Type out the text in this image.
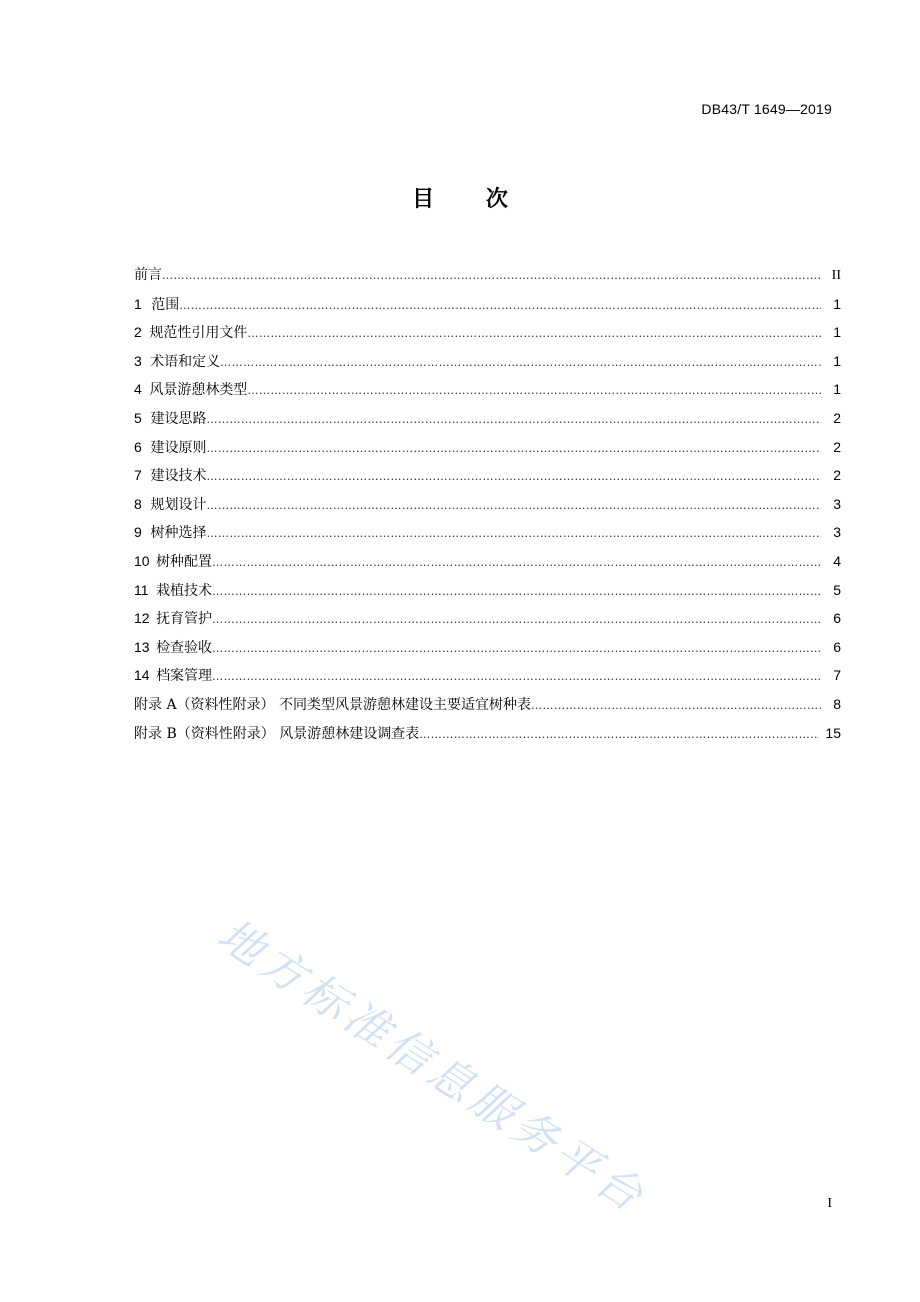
DB43/T 1649—2019
目 次
前言 ………………………………………………………………………………………………………………………………………………………………………………………………………………………………	II
1 范围 ………………………………………………………………………………………………………………………………………………………………………………………………………………………………	1
2 规范性引用文件 ………………………………………………………………………………………………………………………………………………………………………………………………………………………………	1
3 术语和定义 ………………………………………………………………………………………………………………………………………………………………………………………………………………………………	1
4 风景游憩林类型 ………………………………………………………………………………………………………………………………………………………………………………………………………………………………	1
5 建设思路 ………………………………………………………………………………………………………………………………………………………………………………………………………………………………	2
6 建设原则 ………………………………………………………………………………………………………………………………………………………………………………………………………………………………	2
7 建设技术 ………………………………………………………………………………………………………………………………………………………………………………………………………………………………	2
8 规划设计 ………………………………………………………………………………………………………………………………………………………………………………………………………………………………	3
9 树种选择 ………………………………………………………………………………………………………………………………………………………………………………………………………………………………	3
10 树种配置 ………………………………………………………………………………………………………………………………………………………………………………………………………………………………	4
11 栽植技术 ………………………………………………………………………………………………………………………………………………………………………………………………………………………………	5
12 抚育管护 ………………………………………………………………………………………………………………………………………………………………………………………………………………………………	6
13 检查验收 ………………………………………………………………………………………………………………………………………………………………………………………………………………………………	6
14 档案管理 ………………………………………………………………………………………………………………………………………………………………………………………………………………………………	7
附录 A（资料性附录） 不同类型风景游憩林建设主要适宜树种表 ………………………………………………………………………………………………………………………………………………………………………………………………………………………………	8
附录 B（资料性附录） 风景游憩林建设调查表 ………………………………………………………………………………………………………………………………………………………………………………………………………………………………	15
地方标准信息服务平台	I
